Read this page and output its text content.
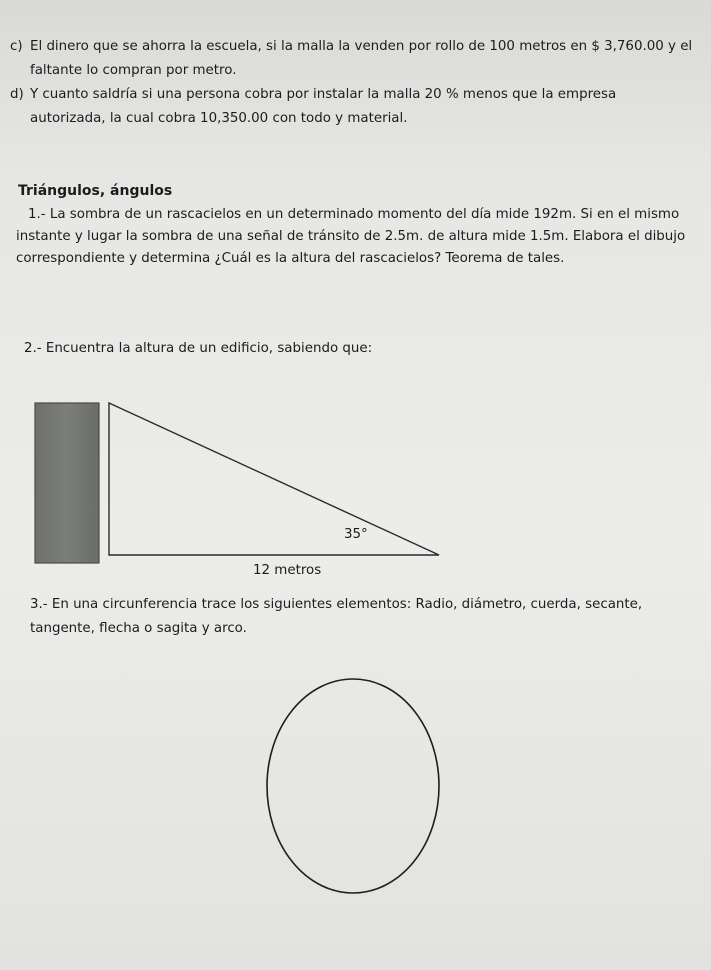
c) El dinero que se ahorra la escuela, si la malla la venden por rollo de 100 metros en $ 3,760.00 y el
faltante lo compran por metro.
d) Y cuanto saldría si una persona cobra por instalar la malla 20 % menos que la empresa
autorizada, la cual cobra 10,350.00 con todo y material.
Triángulos, ángulos
1.- La sombra de un rascacielos en un determinado momento del día mide 192m. Si en el mismo
instante y lugar la sombra de una señal de tránsito de 2.5m. de altura mide 1.5m. Elabora el dibujo
correspondiente y determina ¿Cuál es la altura del rascacielos? Teorema de tales.
2.- Encuentra la altura de un edificio, sabiendo que:
35°
12 metros
3.- En una circunferencia trace los siguientes elementos: Radio, diámetro, cuerda, secante,
tangente, flecha o sagita y arco.
